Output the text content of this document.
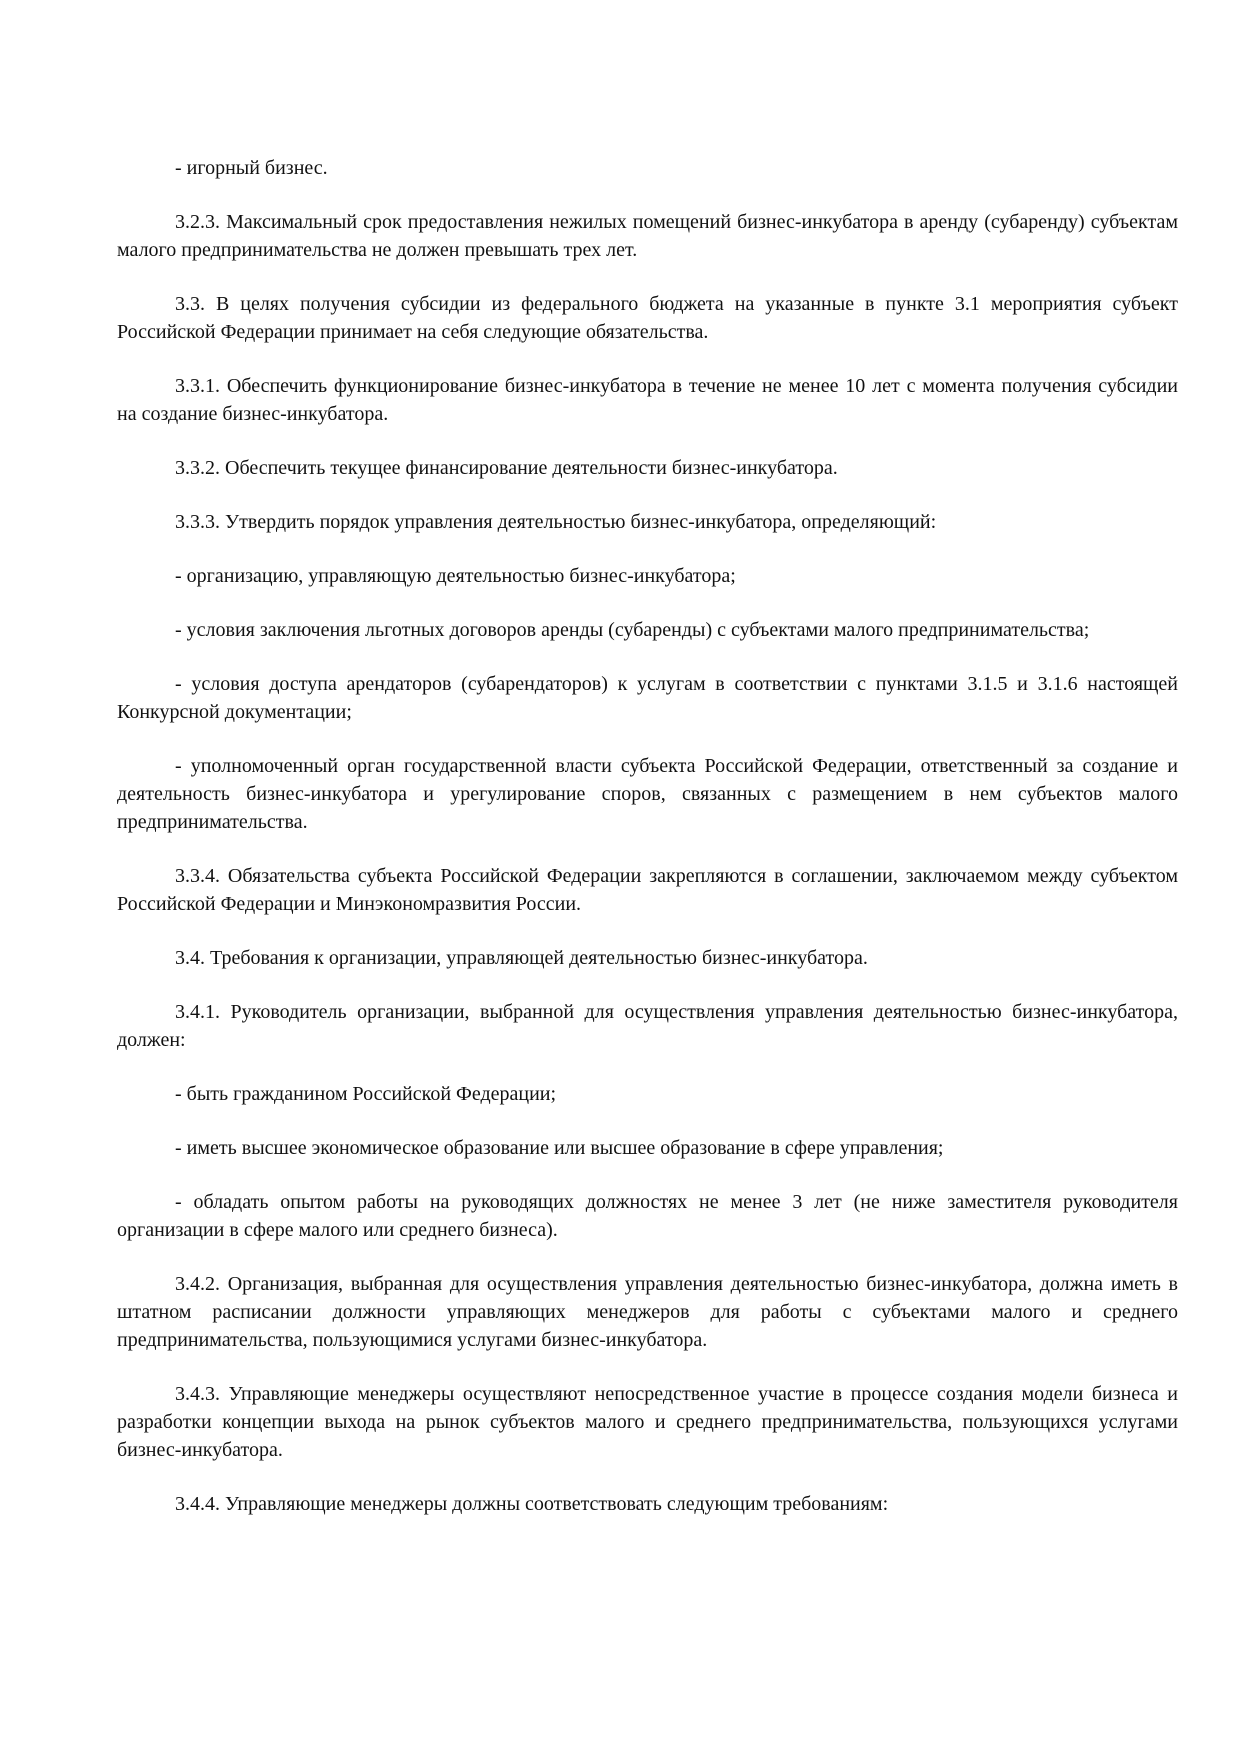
- игорный бизнес.

3.2.3. Максимальный срок предоставления нежилых помещений бизнес-инкубатора в аренду (субаренду) субъектам малого предпринимательства не должен превышать трех лет.

3.3. В целях получения субсидии из федерального бюджета на указанные в пункте 3.1 мероприятия субъект Российской Федерации принимает на себя следующие обязательства.

3.3.1. Обеспечить функционирование бизнес-инкубатора в течение не менее 10 лет с момента получения субсидии на создание бизнес-инкубатора.

3.3.2. Обеспечить текущее финансирование деятельности бизнес-инкубатора.

3.3.3. Утвердить порядок управления деятельностью бизнес-инкубатора, определяющий:

- организацию, управляющую деятельностью бизнес-инкубатора;

- условия заключения льготных договоров аренды (субаренды) с субъектами малого предпринимательства;

- условия доступа арендаторов (субарендаторов) к услугам в соответствии с пунктами 3.1.5 и 3.1.6 настоящей Конкурсной документации;

- уполномоченный орган государственной власти субъекта Российской Федерации, ответственный за создание и деятельность бизнес-инкубатора и урегулирование споров, связанных с размещением в нем субъектов малого предпринимательства.

3.3.4. Обязательства субъекта Российской Федерации закрепляются в соглашении, заключаемом между субъектом Российской Федерации и Минэкономразвития России.

3.4. Требования к организации, управляющей деятельностью бизнес-инкубатора.

3.4.1. Руководитель организации, выбранной для осуществления управления деятельностью бизнес-инкубатора, должен:

- быть гражданином Российской Федерации;

- иметь высшее экономическое образование или высшее образование в сфере управления;

- обладать опытом работы на руководящих должностях не менее 3 лет (не ниже заместителя руководителя организации в сфере малого или среднего бизнеса).

3.4.2. Организация, выбранная для осуществления управления деятельностью бизнес-инкубатора, должна иметь в штатном расписании должности управляющих менеджеров для работы с субъектами малого и среднего предпринимательства, пользующимися услугами бизнес-инкубатора.

3.4.3. Управляющие менеджеры осуществляют непосредственное участие в процессе создания модели бизнеса и разработки концепции выхода на рынок субъектов малого и среднего предпринимательства, пользующихся услугами бизнес-инкубатора.

3.4.4. Управляющие менеджеры должны соответствовать следующим требованиям:
